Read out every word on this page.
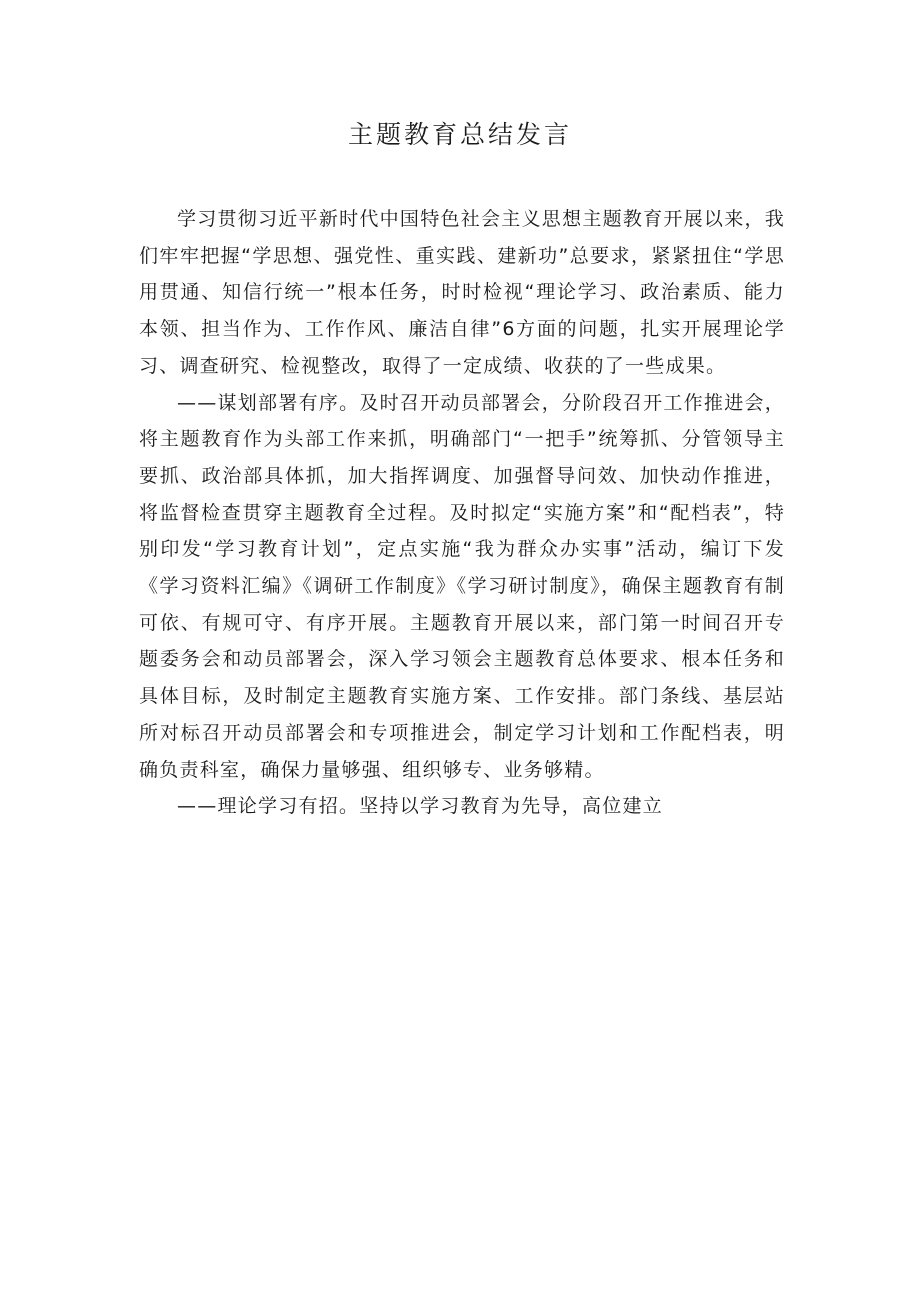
主题教育总结发言

学习贯彻习近平新时代中国特色社会主义思想主题教育开展以来，我们牢牢把握“学思想、强党性、重实践、建新功”总要求，紧紧扭住“学思用贯通、知信行统一”根本任务，时时检视“理论学习、政治素质、能力本领、担当作为、工作作风、廉洁自律”6方面的问题，扎实开展理论学习、调查研究、检视整改，取得了一定成绩、收获的了一些成果。

——谋划部署有序。及时召开动员部署会，分阶段召开工作推进会，将主题教育作为头部工作来抓，明确部门“一把手”统筹抓、分管领导主要抓、政治部具体抓，加大指挥调度、加强督导问效、加快动作推进，将监督检查贯穿主题教育全过程。及时拟定“实施方案”和“配档表”，特别印发“学习教育计划”，定点实施“我为群众办实事”活动，编订下发《学习资料汇编》《调研工作制度》《学习研讨制度》，确保主题教育有制可依、有规可守、有序开展。主题教育开展以来，部门第一时间召开专题委务会和动员部署会，深入学习领会主题教育总体要求、根本任务和具体目标，及时制定主题教育实施方案、工作安排。部门条线、基层站所对标召开动员部署会和专项推进会，制定学习计划和工作配档表，明确负责科室，确保力量够强、组织够专、业务够精。

——理论学习有招。坚持以学习教育为先导，高位建立
